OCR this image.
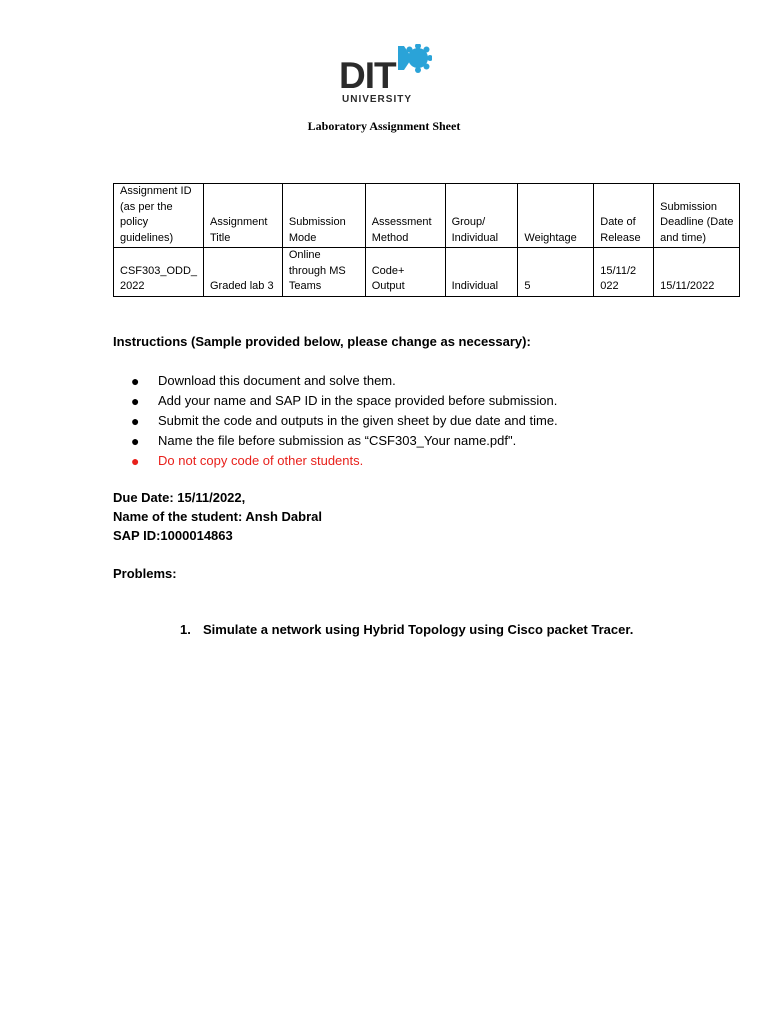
DIT
UNIVERSITY
Laboratory Assignment Sheet
Assignment ID (as per the policy guidelines)	Assignment Title	Submission Mode	Assessment Method	Group/ Individual	Weightage	Date of Release	Submission Deadline (Date and time)
CSF303_ODD_ 2022	Graded lab 3	Online through MS Teams	Code+ Output	Individual	5	15/11/2 022	15/11/2022
Instructions (Sample provided below, please change as necessary):
● Download this document and solve them.
● Add your name and SAP ID in the space provided before submission.
● Submit the code and outputs in the given sheet by due date and time.
● Name the file before submission as “CSF303_Your name.pdf".
● Do not copy code of other students.
Due Date: 15/11/2022,
Name of the student: Ansh Dabral
SAP ID:1000014863
Problems:
1. Simulate a network using Hybrid Topology using Cisco packet Tracer.
